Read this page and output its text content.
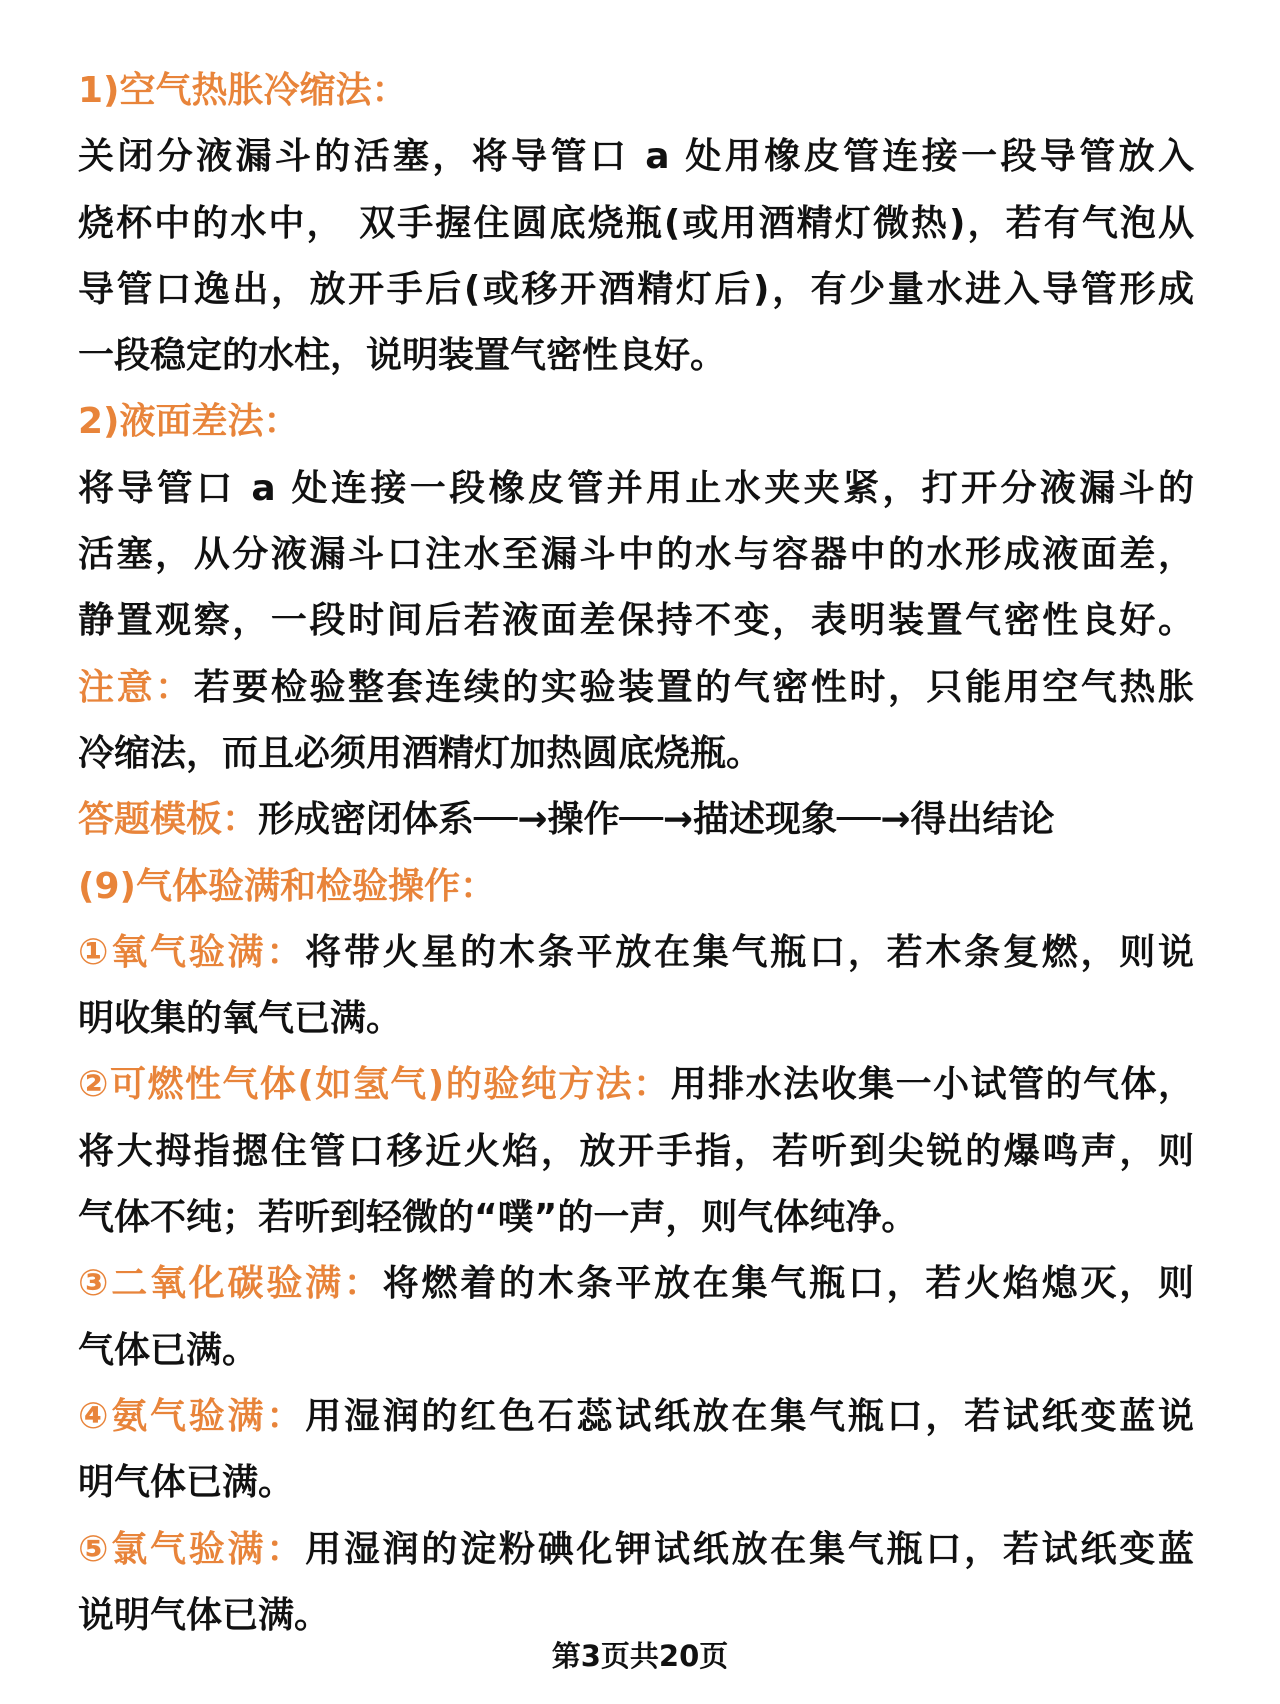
1)空气热胀冷缩法：
关闭分液漏斗的活塞，将导管口 a 处用橡皮管连接一段导管放入
烧杯中的水中， 双手握住圆底烧瓶(或用酒精灯微热)，若有气泡从
导管口逸出，放开手后(或移开酒精灯后)，有少量水进入导管形成
一段稳定的水柱，说明装置气密性良好。
2)液面差法：
将导管口 a 处连接一段橡皮管并用止水夹夹紧，打开分液漏斗的
活塞，从分液漏斗口注水至漏斗中的水与容器中的水形成液面差，
静置观察，一段时间后若液面差保持不变，表明装置气密性良好。
注意：若要检验整套连续的实验装置的气密性时，只能用空气热胀
冷缩法，而且必须用酒精灯加热圆底烧瓶。
答题模板：形成密闭体系──→操作──→描述现象──→得出结论
(9)气体验满和检验操作：
①氧气验满：将带火星的木条平放在集气瓶口，若木条复燃，则说
明收集的氧气已满。
②可燃性气体(如氢气)的验纯方法：用排水法收集一小试管的气体，
将大拇指摁住管口移近火焰，放开手指，若听到尖锐的爆鸣声，则
气体不纯；若听到轻微的“噗”的一声，则气体纯净。
③二氧化碳验满：将燃着的木条平放在集气瓶口，若火焰熄灭，则
气体已满。
④氨气验满：用湿润的红色石蕊试纸放在集气瓶口，若试纸变蓝说
明气体已满。
⑤氯气验满：用湿润的淀粉碘化钾试纸放在集气瓶口，若试纸变蓝
说明气体已满。
第3页共20页
